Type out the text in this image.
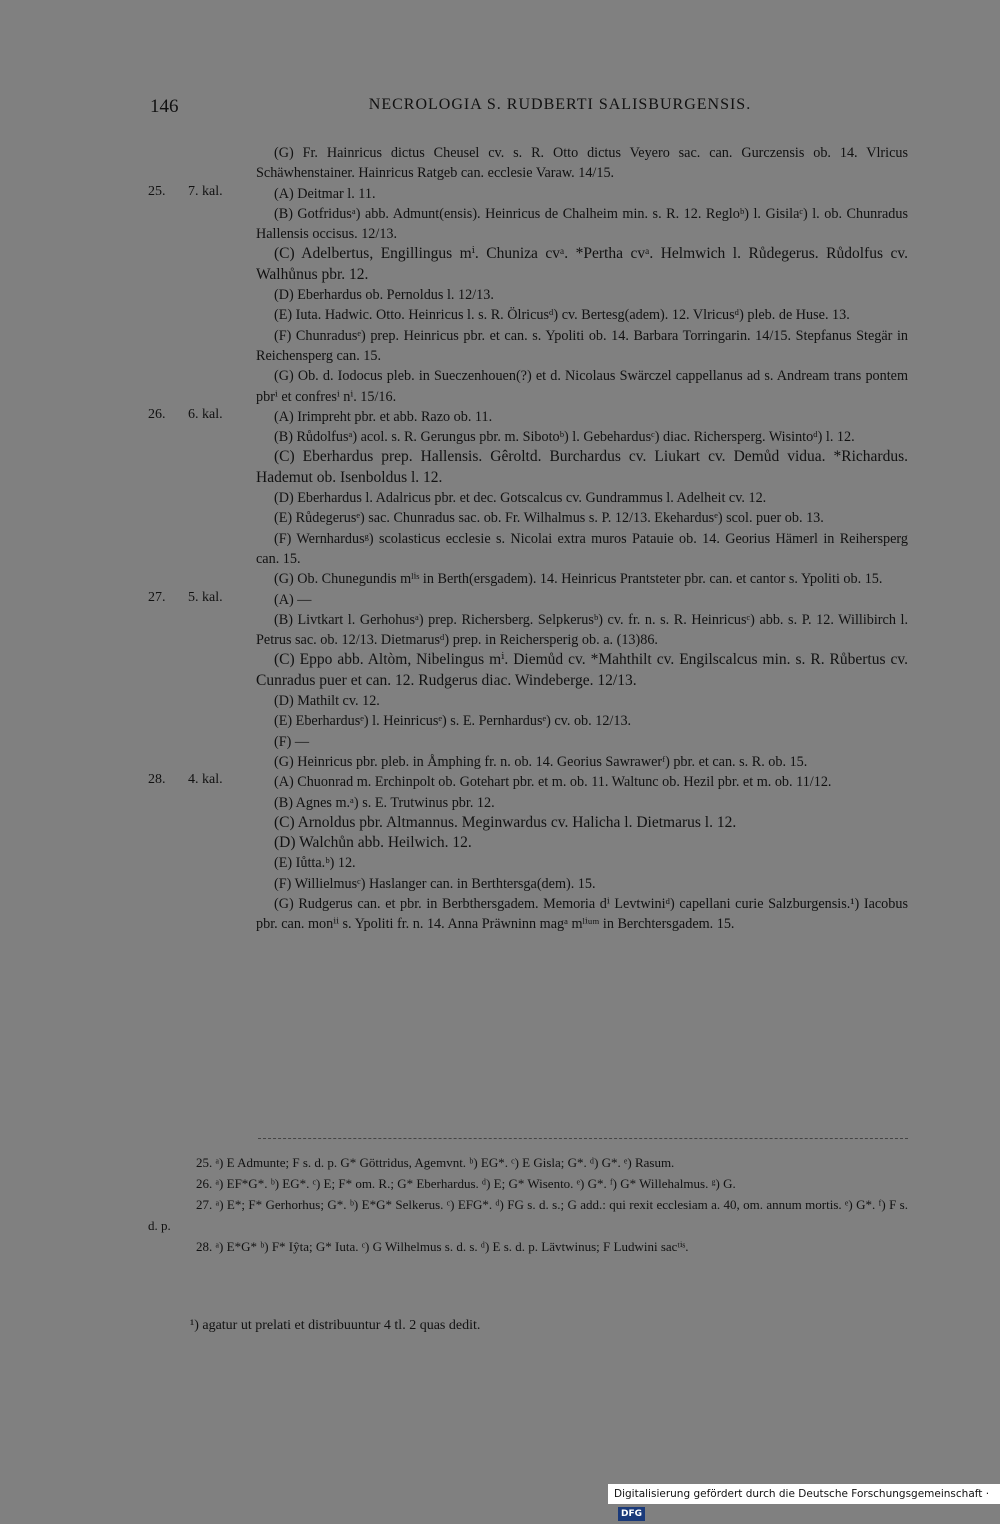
146	NECROLOGIA S. RUDBERTI SALISBURGENSIS.
(G) Fr. Hainricus dictus Cheusel cv. s. R. Otto dictus Veyero sac. can. Gurczensis ob. 14. Vlricus Schäwhenstainer. Hainricus Ratgeb can. ecclesie Varaw. 14/15.
25. 7. kal.	(A) Deitmar l. 11.
(B) Gotfridusᵃ) abb. Admunt(ensis). Heinricus de Chalheim min. s. R. 12. Regloᵇ) l. Gisilaᶜ) l. ob. Chunradus Hallensis occisus. 12/13.
(C) Adelbertus, Engillingus mⁱ. Chuniza cvᵃ. *Pertha cvᵃ. Helmwich l. Růdegerus. Růdolfus cv. Walhůnus pbr. 12.
(D) Eberhardus ob. Pernoldus l. 12/13.
(E) Iuta. Hadwic. Otto. Heinricus l. s. R. Ölricusᵈ) cv. Bertesg(adem). 12. Vlricusᵈ) pleb. de Huse. 13.
(F) Chunradusᵉ) prep. Heinricus pbr. et can. s. Ypoliti ob. 14. Barbara Torringarin. 14/15. Stepfanus Stegär in Reichensperg can. 15.
(G) Ob. d. Iodocus pleb. in Sueczenhouen(?) et d. Nicolaus Swärczel cappellanus ad s. Andream trans pontem pbrⁱ et confresⁱ nⁱ. 15/16.
26. 6. kal.	(A) Irimpreht pbr. et abb. Razo ob. 11.
(B) Růdolfusᵃ) acol. s. R. Gerungus pbr. m. Sibotoᵇ) l. Gebehardusᶜ) diac. Richersperg. Wisintoᵈ) l. 12.
(C) Eberhardus prep. Hallensis. Gêroltd. Burchardus cv. Liukart cv. Demůd vidua. *Richardus. Hademut ob. Isenboldus l. 12.
(D) Eberhardus l. Adalricus pbr. et dec. Gotscalcus cv. Gundrammus l. Adelheit cv. 12.
(E) Růdegerusᵉ) sac. Chunradus sac. ob. Fr. Wilhalmus s. P. 12/13. Ekehardusᵉ) scol. puer ob. 13.
(F) Wernhardusᵍ) scolasticus ecclesie s. Nicolai extra muros Patauie ob. 14. Georius Hämerl in Reihersperg can. 15.
(G) Ob. Chunegundis mˡⁱˢ in Berth(ersgadem). 14. Heinricus Prantsteter pbr. can. et cantor s. Ypoliti ob. 15.
27. 5. kal.	(A) —
(B) Livtkart l. Gerhohusᵃ) prep. Richersberg. Selpkerusᵇ) cv. fr. n. s. R. Heinricusᶜ) abb. s. P. 12. Willibirch l. Petrus sac. ob. 12/13. Dietmarusᵈ) prep. in Reichersperig ob. a. (13)86.
(C) Eppo abb. Altòm, Nibelingus mⁱ. Diemůd cv. *Mahthilt cv. Engilscalcus min. s. R. Růbertus cv. Cunradus puer et can. 12. Rudgerus diac. Windeberge. 12/13.
(D) Mathilt cv. 12.
(E) Eberhardusᵉ) l. Heinricusᵉ) s. E. Pernhardusᵉ) cv. ob. 12/13.
(F) —
(G) Heinricus pbr. pleb. in Åmphing fr. n. ob. 14. Georius Sawrawerᶠ) pbr. et can. s. R. ob. 15.
28. 4. kal.	(A) Chuonrad m. Erchinpolt ob. Gotehart pbr. et m. ob. 11. Waltunc ob. Hezil pbr. et m. ob. 11/12.
(B) Agnes m.ᵃ) s. E. Trutwinus pbr. 12.
(C) Arnoldus pbr. Altmannus. Meginwardus cv. Halicha l. Dietmarus l. 12.
(D) Walchůn abb. Heilwich. 12.
(E) Iůtta.ᵇ) 12.
(F) Willielmusᶜ) Haslanger can. in Berthtersga(dem). 15.
(G) Rudgerus can. et pbr. in Berbthersgadem. Memoria dⁱ Levtwiniᵈ) capellani curie Salzburgensis.¹) Iacobus pbr. can. monⁱⁱ s. Ypoliti fr. n. 14. Anna Präwninn magᵃ mˡⁱᵘᵐ in Berchtersgadem. 15.
25. ᵃ) E Admunte; F s. d. p. G* Göttridus, Agemvnt. ᵇ) EG*. ᶜ) E Gisla; G*. ᵈ) G*. ᵉ) Rasum.
26. ᵃ) EF*G*. ᵇ) EG*. ᶜ) E; F* om. R.; G* Eberhardus. ᵈ) E; G* Wisento. ᵉ) G*. ᶠ) G* Willehalmus. ᵍ) G.
27. ᵃ) E*; F* Gerhorhus; G*. ᵇ) E*G* Selkerus. ᶜ) EFG*. ᵈ) FG s. d. s.; G add.: qui rexit ecclesiam a. 40, om. annum mortis. ᵉ) G*. ᶠ) F s. d. p.
28. ᵃ) E*G* ᵇ) F* Iŷta; G* Iuta. ᶜ) G Wilhelmus s. d. s. ᵈ) E s. d. p. Lävtwinus; F Ludwini sacᵗⁱˢ.
¹) agatur ut prelati et distribuuntur 4 tl. 2 quas dedit.
Digitalisierung gefördert durch die Deutsche Forschungsgemeinschaft ·DFG
